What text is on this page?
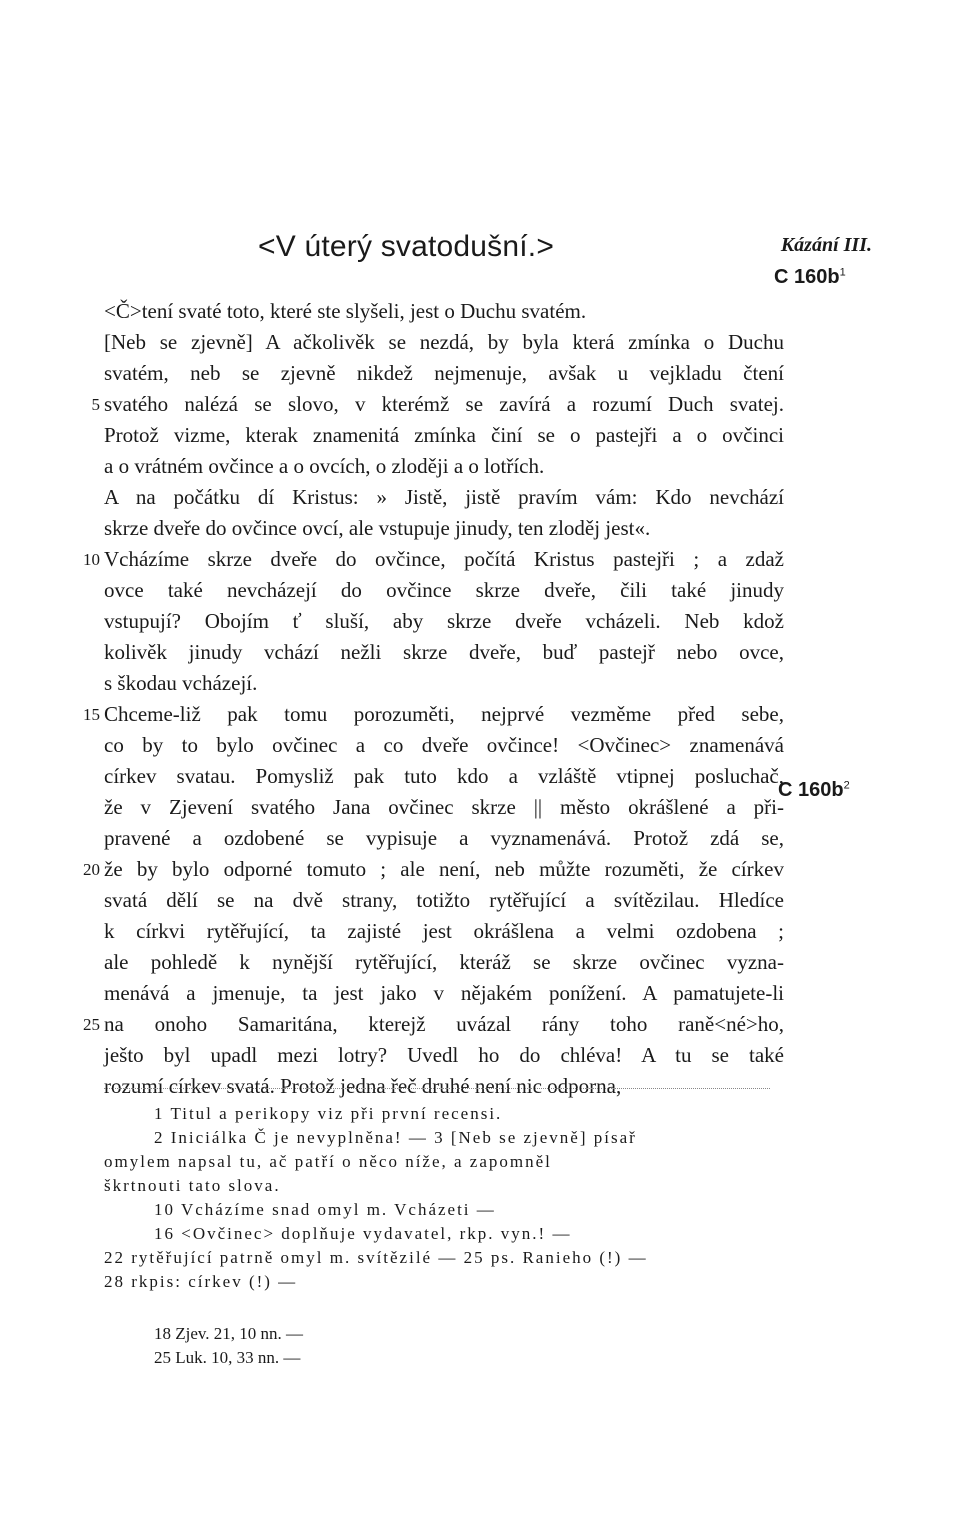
<V úterý svatodušní.>	Kázání III.
C $160b^1$
C $160b^2$
<Č>tení svaté toto, které ste slyšeli, jest o Duchu svatém.
[Neb se zjevně] A ačkolivěk se nezdá, by byla která zmínka o Duchu
svatém, neb se zjevně nikdež nejmenuje, avšak u vejkladu čtení
5 svatého nalézá se slovo, v kterémž se zavírá a rozumí Duch svatej.
Protož vizme, kterak znamenitá zmínka činí se o pastejři a o ovčinci
a o vrátném ovčince a o ovcích, o zloději a o lotřích.
A na počátku dí Kristus: » Jistě, jistě pravím vám: Kdo nevchází
skrze dveře do ovčince ovcí, ale vstupuje jinudy, ten zloděj jest«.
10 Vcházíme skrze dveře do ovčince, počítá Kristus pastejři ; a zdaž
ovce také nevcházejí do ovčince skrze dveře, čili také jinudy
vstupují? Obojím ť sluší, aby skrze dveře vcházeli. Neb kdož
kolivěk jinudy vchází nežli skrze dveře, buď pastejř nebo ovce,
s škodau vcházejí.
15 Chceme-liž pak tomu porozuměti, nejprvé vezměme před sebe,
co by to bylo ovčinec a co dveře ovčince! <Ovčinec> znamenává
církev svatau. Pomysliž pak tuto kdo a vzláště vtipnej posluchač,
že v Zjevení svatého Jana ovčinec skrze || město okrášlené a při-
pravené a ozdobené se vypisuje a vyznamenává. Protož zdá se,
20 že by bylo odporné tomuto ; ale není, neb můžte rozuměti, že církev
svatá dělí se na dvě strany, totižto rytěřující a svítězilau. Hledíce
k církvi rytěřující, ta zajisté jest okrášlena a velmi ozdobena ;
ale pohledě k nynější rytěřující, kteráž se skrze ovčinec vyzna-
menává a jmenuje, ta jest jako v nějakém ponížení. A pamatujete-li
25 na onoho Samaritána, kterejž uvázal rány toho raně<né>ho,
ješto byl upadl mezi lotry? Uvedl ho do chléva! A tu se také
rozumí církev svatá. Protož jedna řeč druhé není nic odporna,
1 Titul a perikopy viz při první recensi.
2 Iniciálka Č je nevyplněna! — 3 [Neb se zjevně] písař
omylem napsal tu, ač patří o něco níže, a zapomněl
škrtnouti tato slova.
10 Vcházíme snad omyl m. Vcházeti —
16 <Ovčinec> doplňuje vydavatel, rkp. vyn.! —
22 rytěřující patrně omyl m. svítězilé — 25 ps. Ranieho (!) —
28 rkpis: církev (!) —
18 Zjev. 21, 10 nn. —
25 Luk. 10, 33 nn. —
